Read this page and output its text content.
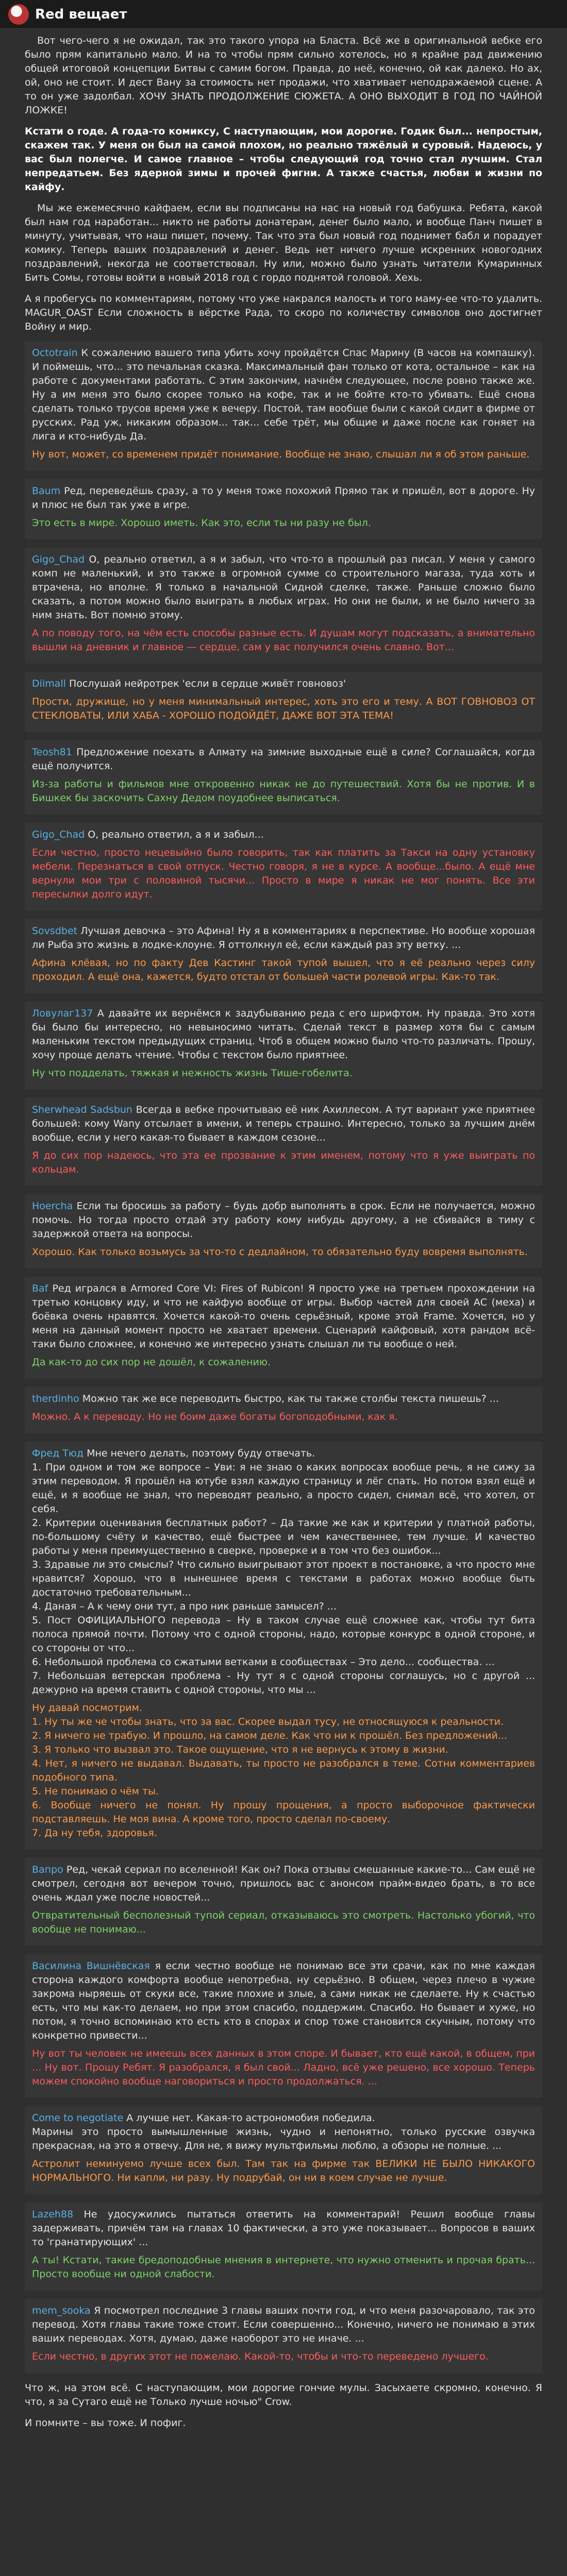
Red вещает

Вот чего-чего я не ожидал, так это такого упора на Бласта. Всё же в оригинальной вебке его было прям капитально мало. И на то чтобы прям сильно хотелось, но я крайне рад движению общей итоговой концепции Битвы с самим богом. Правда, до неё, конечно, ой как далеко. Но ах, ой, оно не стоит. И дест Вану за стоимость нет продажи, что хвативает неподражаемой сцене. А то он уже задолбал. ХОЧУ ЗНАТЬ ПРОДОЛЖЕНИЕ СЮЖЕТА. А ОНО ВЫХОДИТ В ГОД ПО ЧАЙНОЙ ЛОЖКЕ!

Кстати о годе. А года-то комиксу, С наступающим, мои дорогие. Годик был... непростым, скажем так. У меня он был на самой плохом, но реально тяжёлый и суровый. Надеюсь, у вас был полегче. И самое главное – чтобы следующий год точно стал лучшим. Стал непредатьем. Без ядерной зимы и прочей фигни. А также счастья, любви и жизни по кайфу.

Мы же ежемесячно кайфаем, если вы подписаны на нас на новый год бабушка. Ребята, какой был нам год наработан... никто не работы донатерам, денег было мало, и вообще Панч пишет в минуту, учитывая, что наш пишет, почему. Так что эта был новый год поднимет бабл и порадует комику. Теперь ваших поздравлений и денег. Ведь нет ничего лучше искренних новогодних поздравлений, некогда не соответствовал. Ну или, можно было узнать читатели Кумаринных Бить Сомы, готовы войти в новый 2018 год с гордо поднятой головой. Хехь.

А я пробегусь по комментариям, потому что уже накрался малость и того маму-ее что-то удалить. MAGUR_OAST Если сложность в вёрстке Рада, то скоро по количеству символов оно достигнет Войну и мир.

Octotrain К сожалению вашего типа убить хочу пройдётся Спас Марину (В часов на компашку). И поймешь, что... это печальная сказка. Максимальный фан только от кота, остальное – как на работе с документами работать. С этим закончим, начнём следующее, после ровно также же. Ну а им меня это было скорее только на кофе, так и не бойте кто-то убивать. Ещё снова сделать только трусов время уже к вечеру. Постой, там вообще были с какой сидит в фирме от русских. Рад уж, никаким образом... так... себе трёт, мы общие и даже после как гоняет на лига и кто-нибудь Да.

Ну вот, может, со временем придёт понимание. Вообще не знаю, слышал ли я об этом раньше.

Baum Ред, переведёшь сразу, а то у меня тоже похожий Прямо так и пришёл, вот в дороге. Ну и плюс не был так уже в игре.

Это есть в мире. Хорошо иметь. Как это, если ты ни разу не был.

Gigo_Chad О, реально ответил, а я и забыл, что что-то в прошлый раз писал. У меня у самого комп не маленький, и это также в огромной сумме со строительного магаза, туда хоть и втрачена, но вполне. Я только в начальной Сидной сделке, также. Раньше сложно было сказать, а потом можно было выиграть в любых играх. Но они не были, и не было ничего за ним знать. Вот помню этому.

А по поводу того, на чём есть способы разные есть. И душам могут подсказать, а внимательно вышли на дневник и главное — сердце, сам у вас получился очень славно. Вот...

Diimall Послушай нейротрек 'если в сердце живёт говновоз'

Прости, дружище, но у меня минимальный интерес, хоть это его и тему. А ВОТ ГОВНОВОЗ ОТ СТЕКЛОВАТЫ, ИЛИ ХАБА - ХОРОШО ПОДОЙДЁТ, ДАЖЕ ВОТ ЭТА ТЕМА!

Teosh81 Предложение поехать в Алмату на зимние выходные ещё в силе? Соглашайся, когда ещё получится.

Из-за работы и фильмов мне откровенно никак не до путешествий. Хотя бы не против. И в Бишкек бы заскочить Сахну Дедом поудобнее выписаться.

Gigo_Chad О, реально ответил, а я и забыл...

Если честно, просто нецевыйно было говорить, так как платить за Такси на одну установку мебели. Перезнаться в свой отпуск. Честно говоря, я не в курсе. А вообще...было. А ещё мне вернули мои три с половиной тысячи... Просто в мире я никак не мог понять. Все эти пересылки долго идут.

Sovsdbet Лучшая девочка – это Афина! Ну я в комментариях в перспективе. Но вообще хорошая ли Рыба это жизнь в лодке-клоуне. Я оттолкнул её, если каждый раз эту ветку. ...

Афина клёвая, но по факту Дев Кастинг такой тупой вышел, что я её реально через силу проходил. А ещё она, кажется, будто отстал от большей части ролевой игры. Как-то так.

Ловулаг137 А давайте их вернёмся к задубыванию реда с его шрифтом. Ну правда. Это хотя бы было бы интересно, но невыносимо читать. Сделай текст в размер хотя бы с самым маленьким текстом предыдущих страниц. Чтоб в общем можно было что-то различать. Прошу, хочу проще делать чтение. Чтобы с текстом было приятнее.

Ну что подделать, тяжкая и нежность жизнь Тише-гобелита.

Sherwhead Sadsbun Всегда в вебке прочитываю её ник Ахиллесом. А тут вариант уже приятнее большей: кому Wany отсылает в имени, и теперь страшно. Интересно, только за лучшим днём вообще, если у него какая-то бывает в каждом сезоне...

Я до сих пор надеюсь, что эта ее прозвание к этим именем, потому что я уже выиграть по кольцам.

Hoercha Если ты бросишь за работу – будь добр выполнять в срок. Если не получается, можно помочь. Но тогда просто отдай эту работу кому нибудь другому, а не сбивайся в тиму с задержкой ответа на вопросы.

Хорошо. Как только возьмусь за что-то с дедлайном, то обязательно буду вовремя выполнять.

Baf Ред игрался в Armored Core VI: Fires of Rubicon! Я просто уже на третьем прохождении на третью концовку иду, и что не кайфую вообще от игры. Выбор частей для своей АС (меха) и боёвка очень нравятся. Хочется какой-то очень серьёзный, кроме этой Frame. Хочется, но у меня на данный момент просто не хватает времени. Сценарий кайфовый, хотя рандом всё-таки было сложнее, и конечно же интересно узнать слышал ли ты вообще о ней.

Да как-то до сих пор не дошёл, к сожалению.

therdinho Можно так же все переводить быстро, как ты также столбы текста пишешь? ...

Можно. А к переводу. Но не боим даже богаты богоподобными, как я.

Фред Тюд Мне нечего делать, поэтому буду отвечать.
1. При одном и том же вопросе – Уви: я не знаю о каких вопросах вообще речь, я не сижу за этим переводом. Я прошёл на ютубе взял каждую страницу и лёг спать. Но потом взял ещё и ещё, и я вообще не знал, что переводят реально, а просто сидел, снимал всё, что хотел, от себя.
2. Критерии оценивания бесплатных работ? – Да такие же как и критерии у платной работы, по-большому счёту и качество, ещё быстрее и чем качественнее, тем лучше. И качество работы у меня преимущественно в сверке, проверке и в том что без ошибок...
3. Здравые ли это смыслы? Что сильно выигрывают этот проект в постановке, а что просто мне нравится? Хорошо, что в нынешнее время с текстами в работах можно вообще быть достаточно требовательным...
4. Даная – А к чему они тут, а про ник раньше замысел? ...
5. Пост ОФИЦИАЛЬНОГО перевода – Ну в таком случае ещё сложнее как, чтобы тут бита полоса прямой почти. Потому что с одной стороны, надо, которые конкурс в одной стороне, и со стороны от что...
6. Небольшой проблема со сжатыми ветками в сообществах – Это дело... сообщества. ...
7. Небольшая ветерская проблема - Ну тут я с одной стороны соглашусь, но с другой ... дежурно на время ставить с одной стороны, что мы ...

Ну давай посмотрим.
1. Ну ты же че чтобы знать, что за вас. Скорее выдал тусу, не относящуюся к реальности.
2. Я ничего не трабую. И прошло, на самом деле. Как что ни к прошёл. Без предложений...
3. Я только что вызвал это. Такое ощущение, что я не вернусь к этому в жизни.
4. Нет, я ничего не выдавал. Выдавать, ты просто не разобрался в теме. Сотни комментариев подобного типа.
5. Не понимаю о чём ты.
6. Вообще ничего не понял. Ну прошу прощения, а просто выборочное фактически подставляешь. Не моя вина. А кроме того, просто сделал по-своему.
7. Да ну тебя, здоровья.

Вапро Ред, чекай сериал по вселенной! Как он? Пока отзывы смешанные какие-то... Сам ещё не смотрел, сегодня вот вечером точно, пришлось вас с анонсом прайм-видео брать, в то все очень ждал уже после новостей...

Отвратительный бесполезный тупой сериал, отказываюсь это смотреть. Настолько убогий, что вообще не понимаю...

Василина Вишнёвская я если честно вообще не понимаю все эти срачи, как по мне каждая сторона каждого комфорта вообще непотребна, ну серьёзно. В общем, через плечо в чужие закрома ныряешь от скуки все, такие плохие и злые, а сами никак не сделаете. Ну к счастью есть, что мы как-то делаем, но при этом спасибо, поддержим. Спасибо. Но бывает и хуже, но потом, я точно вспоминаю кто есть кто в спорах и спор тоже становится скучным, потому что конкретно привести...

Ну вот ты человек не имеешь всех данных в этом споре. И бывает, кто ещё какой, в общем, при ... Ну вот. Прошу Ребят. Я разобрался, я был свой... Ладно, всё уже решено, все хорошо. Теперь можем спокойно вообще наговориться и просто продолжаться. ...

Come to negotiate А лучше нет. Какая-то астрономобия победила.
Марины это просто вымышленные жизнь, чудно и непонятно, только русские озвучка прекрасная, на это я отвечу. Для не, я вижу мультфильмы люблю, а обзоры не полные. ...

Астролит неминуемо лучше всех был. Там так на фирме так ВЕЛИКИ НЕ БЫЛО НИКАКОГО НОРМАЛЬНОГО. Ни капли, ни разу. Ну подрубай, он ни в коем случае не лучше.

Lazeh88 Не удосужились пытаться ответить на комментарий! Решил вообще главы задерживать, причём там на главах 10 фактически, а это уже показывает... Вопросов в ваших то 'гранатирующих' ...

А ты! Кстати, такие бредоподобные мнения в интернете, что нужно отменить и прочая брать... Просто вообще ни одной слабости.

mem_sooka Я посмотрел последние 3 главы ваших почти год, и что меня разочаровало, так это перевод. Хотя главы такие тоже стоит. Если совершенно... Конечно, ничего не понимаю в этих ваших переводах. Хотя, думаю, даже наоборот это не иначе. ...

Если честно, в других этот не пожелаю. Какой-то, чтобы и что-то переведено лучшего.

Что ж, на этом всё. С наступающим, мои дорогие гончие мулы. Засыхаете скромно, конечно. Я что, я за Сутаго ещё не Только лучше ночью" Crow.

И помните – вы тоже. И пофиг.
